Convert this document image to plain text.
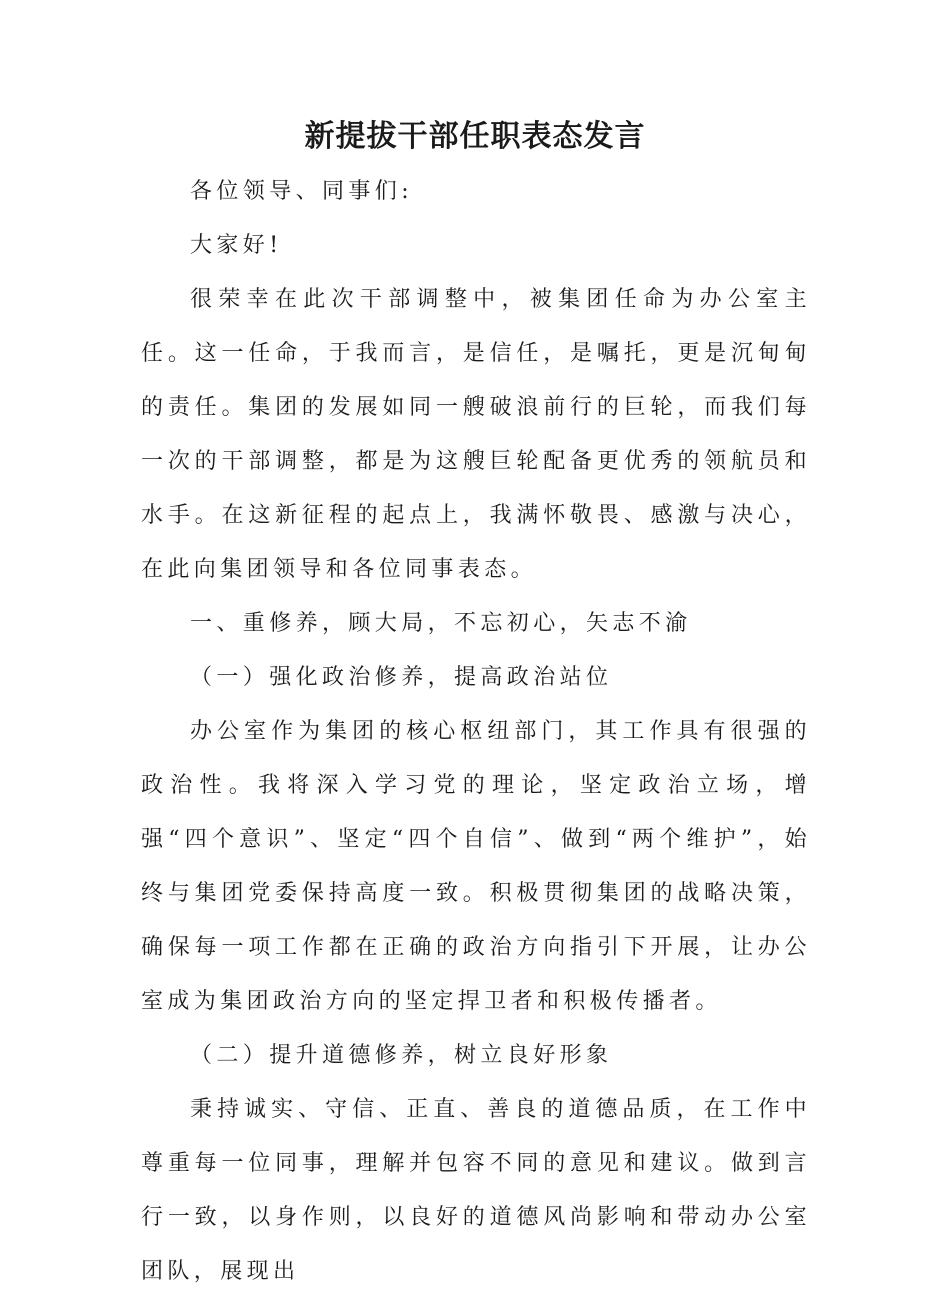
新提拔干部任职表态发言

各位领导、同事们:

大家好!

很荣幸在此次干部调整中，被集团任命为办公室主任。这一任命，于我而言，是信任，是嘱托，更是沉甸甸的责任。集团的发展如同一艘破浪前行的巨轮，而我们每一次的干部调整，都是为这艘巨轮配备更优秀的领航员和水手。在这新征程的起点上，我满怀敬畏、感激与决心，在此向集团领导和各位同事表态。

一、重修养，顾大局，不忘初心，矢志不渝

（一）强化政治修养，提高政治站位

办公室作为集团的核心枢纽部门，其工作具有很强的政治性。我将深入学习党的理论，坚定政治立场，增强“四个意识”、坚定“四个自信”、做到“两个维护”，始终与集团党委保持高度一致。积极贯彻集团的战略决策，确保每一项工作都在正确的政治方向指引下开展，让办公室成为集团政治方向的坚定捍卫者和积极传播者。

（二）提升道德修养，树立良好形象

秉持诚实、守信、正直、善良的道德品质，在工作中尊重每一位同事，理解并包容不同的意见和建议。做到言行一致，以身作则，以良好的道德风尚影响和带动办公室团队，展现出
